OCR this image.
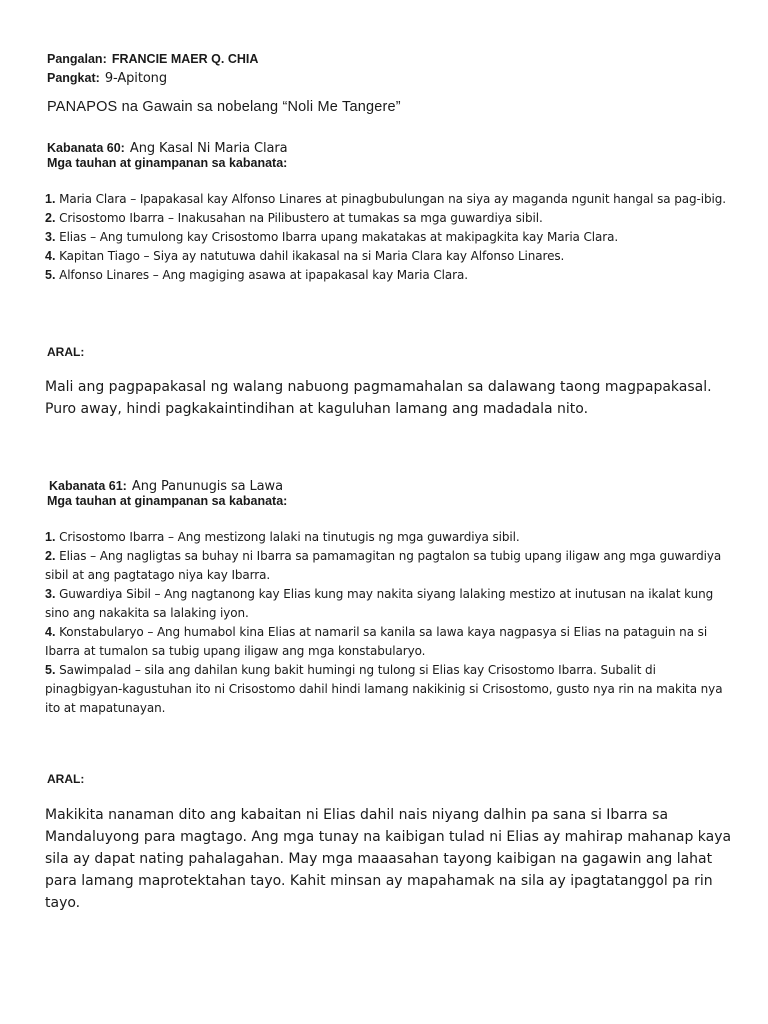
Pangalan: FRANCIE MAER Q. CHIA
Pangkat: 9-Apitong
PANAPOS na Gawain sa nobelang “Noli Me Tangere”
Kabanata 60: Ang Kasal Ni Maria Clara
Mga tauhan at ginampanan sa kabanata:
1. Maria Clara – Ipapakasal kay Alfonso Linares at pinagbubulungan na siya ay maganda ngunit hangal sa pag-ibig.
2. Crisostomo Ibarra – Inakusahan na Pilibustero at tumakas sa mga guwardiya sibil.
3. Elias – Ang tumulong kay Crisostomo Ibarra upang makatakas at makipagkita kay Maria Clara.
4. Kapitan Tiago – Siya ay natutuwa dahil ikakasal na si Maria Clara kay Alfonso Linares.
5. Alfonso Linares – Ang magiging asawa at ipapakasal kay Maria Clara.
ARAL:
Mali ang pagpapakasal ng walang nabuong pagmamahalan sa dalawang taong magpapakasal. Puro away, hindi pagkakaintindihan at kaguluhan lamang ang madadala nito.
Kabanata 61: Ang Panunugis sa Lawa
Mga tauhan at ginampanan sa kabanata:
1. Crisostomo Ibarra – Ang mestizong lalaki na tinutugis ng mga guwardiya sibil.
2. Elias – Ang nagligtas sa buhay ni Ibarra sa pamamagitan ng pagtalon sa tubig upang iligaw ang mga guwardiya sibil at ang pagtatago niya kay Ibarra.
3. Guwardiya Sibil – Ang nagtanong kay Elias kung may nakita siyang lalaking mestizo at inutusan na ikalat kung sino ang nakakita sa lalaking iyon.
4. Konstabularyo – Ang humabol kina Elias at namaril sa kanila sa lawa kaya nagpasya si Elias na pataguin na si Ibarra at tumalon sa tubig upang iligaw ang mga konstabularyo.
5. Sawimpalad – sila ang dahilan kung bakit humingi ng tulong si Elias kay Crisostomo Ibarra. Subalit di pinagbigyan-kagustuhan ito ni Crisostomo dahil hindi lamang nakikinig si Crisostomo, gusto nya rin na makita nya ito at mapatunayan.
ARAL:
Makikita nanaman dito ang kabaitan ni Elias dahil nais niyang dalhin pa sana si Ibarra sa Mandaluyong para magtago. Ang mga tunay na kaibigan tulad ni Elias ay mahirap mahanap kaya sila ay dapat nating pahalagahan. May mga maaasahan tayong kaibigan na gagawin ang lahat para lamang maprotektahan tayo. Kahit minsan ay mapahamak na sila ay ipagtatanggol pa rin tayo.
